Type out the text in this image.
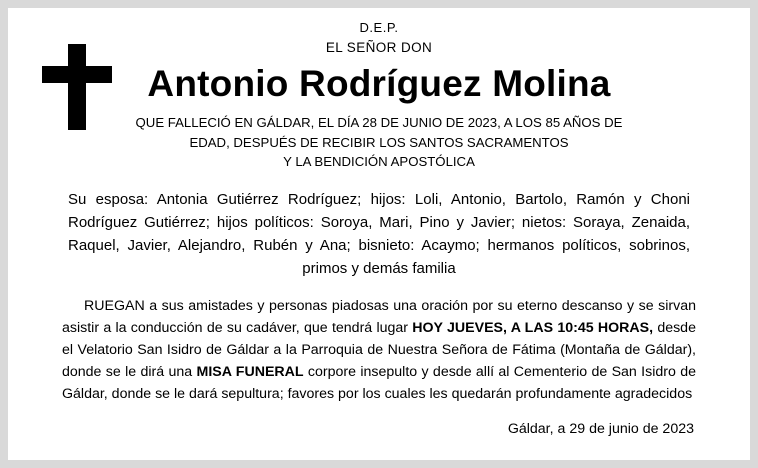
D.E.P.
EL SEÑOR DON
Antonio Rodríguez Molina
QUE FALLECIÓ EN GÁLDAR, EL DÍA 28 DE JUNIO DE 2023, A LOS 85 AÑOS DE
EDAD, DESPUÉS DE RECIBIR LOS SANTOS SACRAMENTOS
Y LA BENDICIÓN APOSTÓLICA
Su esposa: Antonia Gutiérrez Rodríguez; hijos: Loli, Antonio, Bartolo, Ramón y Choni Rodríguez Gutiérrez; hijos políticos: Soroya, Mari, Pino y Javier; nietos: Soraya, Zenaida, Raquel, Javier, Alejandro, Rubén y Ana; bisnieto: Acaymo; hermanos políticos, sobrinos, primos y demás familia
RUEGAN a sus amistades y personas piadosas una oración por su eterno descanso y se sirvan asistir a la conducción de su cadáver, que tendrá lugar HOY JUEVES, A LAS 10:45 HORAS, desde el Velatorio San Isidro de Gáldar a la Parroquia de Nuestra Señora de Fátima (Montaña de Gáldar), donde se le dirá una MISA FUNERAL corpore insepulto y desde allí al Cementerio de San Isidro de Gáldar, donde se le dará sepultura; favores por los cuales les quedarán profundamente agradecidos
Gáldar, a 29 de junio de 2023
